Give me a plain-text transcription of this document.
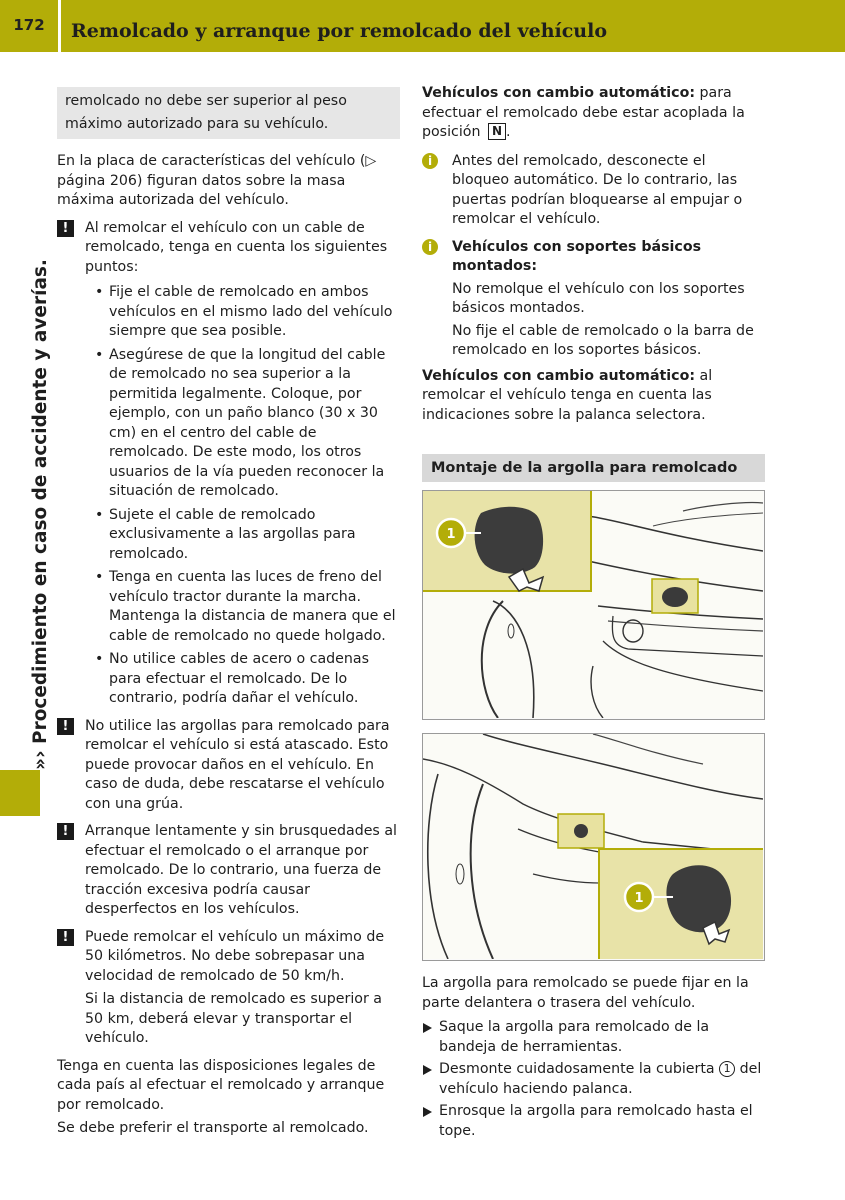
172	Remolcado y arranque por remolcado del vehículo
»› Procedimiento en caso de accidente y averías.
remolcado no debe ser superior al peso máximo autorizado para su vehículo.
En la placa de características del vehículo (▷ página 206) figuran datos sobre la masa máxima autorizada del vehículo.
!	Al remolcar el vehículo con un cable de remolcado, tenga en cuenta los siguientes puntos:
• Fije el cable de remolcado en ambos vehículos en el mismo lado del vehículo siempre que sea posible.
• Asegúrese de que la longitud del cable de remolcado no sea superior a la permitida legalmente. Coloque, por ejemplo, con un paño blanco (30 x 30 cm) en el centro del cable de remolcado. De este modo, los otros usuarios de la vía pueden reconocer la situación de remolcado.
• Sujete el cable de remolcado exclusivamente a las argollas para remolcado.
• Tenga en cuenta las luces de freno del vehículo tractor durante la marcha. Mantenga la distancia de manera que el cable de remolcado no quede holgado.
• No utilice cables de acero o cadenas para efectuar el remolcado. De lo contrario, podría dañar el vehículo.
!	No utilice las argollas para remolcado para remolcar el vehículo si está atascado. Esto puede provocar daños en el vehículo. En caso de duda, debe rescatarse el vehículo con una grúa.
!	Arranque lentamente y sin brusquedades al efectuar el remolcado o el arranque por remolcado. De lo contrario, una fuerza de tracción excesiva podría causar desperfectos en los vehículos.
!	Puede remolcar el vehículo un máximo de 50 kilómetros. No debe sobrepasar una velocidad de remolcado de 50 km/h.
Si la distancia de remolcado es superior a 50 km, deberá elevar y transportar el vehículo.
Tenga en cuenta las disposiciones legales de cada país al efectuar el remolcado y arranque por remolcado.
Se debe preferir el transporte al remolcado.
Vehículos con cambio automático: para efectuar el remolcado debe estar acoplada la posición N .
i	Antes del remolcado, desconecte el bloqueo automático. De lo contrario, las puertas podrían bloquearse al empujar o remolcar el vehículo.
i	Vehículos con soportes básicos montados:
No remolque el vehículo con los soportes básicos montados.
No fije el cable de remolcado o la barra de remolcado en los soportes básicos.
Vehículos con cambio automático: al remolcar el vehículo tenga en cuenta las indicaciones sobre la palanca selectora.
Montaje de la argolla para remolcado
1
1
La argolla para remolcado se puede fijar en la parte delantera o trasera del vehículo.
Saque la argolla para remolcado de la bandeja de herramientas.
Desmonte cuidadosamente la cubierta 1 del vehículo haciendo palanca.
Enrosque la argolla para remolcado hasta el tope.
